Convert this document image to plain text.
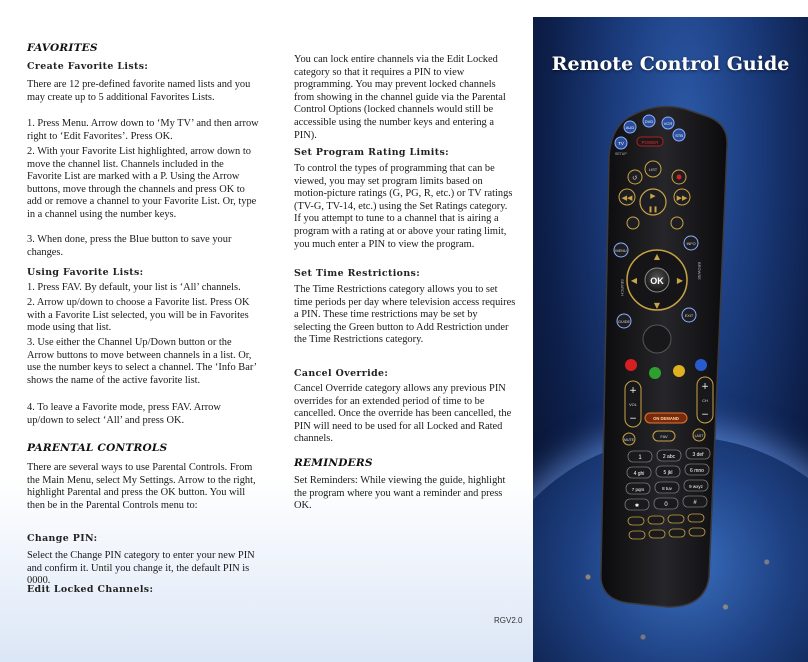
FAVORITES
Create Favorite Lists:

There are 12 pre-defined favorite named lists and you may create up to 5 additional Favorites Lists.

1. Press Menu. Arrow down to ‘My TV’ and then arrow right to ‘Edit Favorites’. Press OK.

2. With your Favorite List highlighted, arrow down to move the channel list. Channels included in the Favorite List are marked with a P. Using the Arrow buttons, move through the channels and press OK to add or remove a channel to your Favorite List. Or, type in a channel using the number keys.

3. When done, press the Blue button to save your changes.

Using Favorite Lists:

1. Press FAV. By default, your list is ‘All’ channels.

2. Arrow up/down to choose a Favorite list. Press OK with a Favorite List selected, you will be in Favorites mode using that list.

3. Use either the Channel Up/Down button or the Arrow buttons to move between channels in a list. Or, use the number keys to select a channel. The ‘Info Bar’ shows the name of the active favorite list.

4. To leave a Favorite mode, press FAV. Arrow up/down to select ‘All’ and press OK.

PARENTAL CONTROLS

There are several ways to use Parental Controls. From the Main Menu, select My Settings. Arrow to the right, highlight Parental and press the OK button. You will then be in the Parental Controls menu to:

Change PIN:

Select the Change PIN category to enter your new PIN and confirm it. Until you change it, the default PIN is 0000.

Edit Locked Channels:

You can lock entire channels via the Edit Locked category so that it requires a PIN to view programming. You may prevent locked channels from showing in the channel guide via the Parental Control Options (locked channels would still be accessible using the number keys and entering a PIN).

Set Program Rating Limits:

To control the types of programming that can be viewed, you may set program limits based on motion-picture ratings (G, PG, R, etc.) or TV ratings (TV-G, TV-14, etc.) using the Set Ratings category. If you attempt to tune to a channel that is airing a program with a rating at or above your rating limit, you much enter a PIN to view the program.

Set Time Restrictions:

The Time Restrictions category allows you to set time periods per day where television access requires a PIN. These time restrictions may be set by selecting the Green button to Add Restriction under the Time Restrictions category.

Cancel Override:

Cancel Override category allows any previous PIN overrides for an extended period of time to be cancelled. Once the override has been cancelled, the PIN will need to be used for all Locked and Rated channels.

REMINDERS

Set Reminders: While viewing the guide, highlight the program where you want a reminder and press OK.

Remote Control Guide
AUD
DVD	VCR
TV
STB
SETUP
POWER
↺
LIST
◀◀	▶
❚❚
▶▶
MENU
INFO
▲
▼
◀	▶
OK
SEARCH
BROWSE
GUIDE
EXIT
+
VOL
−
+
CH
−
ON DEMAND
MUTE
FAV	LAST
1	2 abc	3 def
4 ghi	5 jkl	6 mno
7 pqrs	8 tuv	9 wxyz
✱	0	#
RGV2.0
